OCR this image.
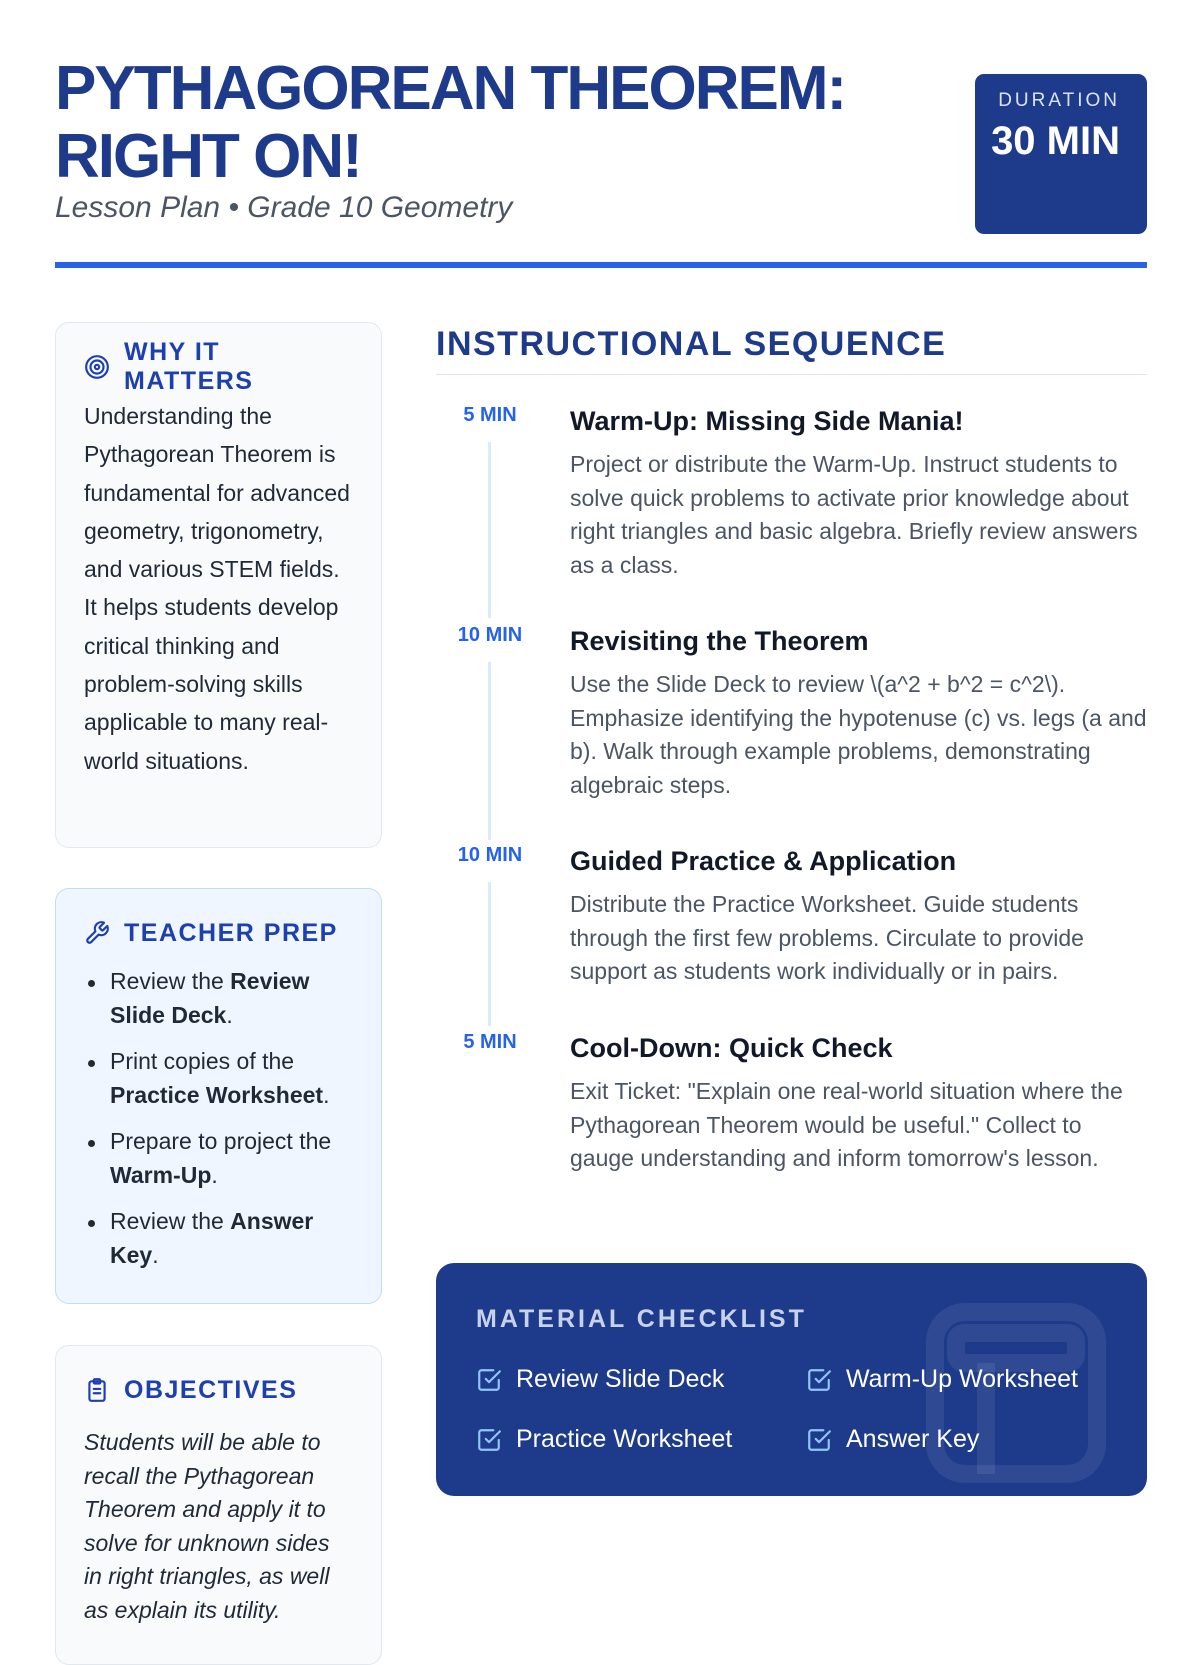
PYTHAGOREAN THEOREM: RIGHT ON!
Lesson Plan • Grade 10 Geometry
DURATION
30 MIN
WHY IT MATTERS

Understanding the Pythagorean Theorem is fundamental for advanced geometry, trigonometry, and various STEM fields. It helps students develop critical thinking and problem-solving skills applicable to many real-world situations.

TEACHER PREP
Review the Review Slide Deck.
Print copies of the Practice Worksheet.
Prepare to project the Warm-Up.
Review the Answer Key.
OBJECTIVES

Students will be able to recall the Pythagorean Theorem and apply it to solve for unknown sides in right triangles, as well as explain its utility.

INSTRUCTIONAL SEQUENCE
5 MIN	Warm-Up: Missing Side Mania!

Project or distribute the Warm-Up. Instruct students to solve quick problems to activate prior knowledge about right triangles and basic algebra. Briefly review answers as a class.

10 MIN	Revisiting the Theorem

Use the Slide Deck to review \(a^2 + b^2 = c^2\). Emphasize identifying the hypotenuse (c) vs. legs (a and b). Walk through example problems, demonstrating algebraic steps.

10 MIN	Guided Practice & Application

Distribute the Practice Worksheet. Guide students through the first few problems. Circulate to provide support as students work individually or in pairs.

5 MIN	Cool-Down: Quick Check

Exit Ticket: "Explain one real-world situation where the Pythagorean Theorem would be useful." Collect to gauge understanding and inform tomorrow's lesson.

MATERIAL CHECKLIST
Review Slide Deck	Warm-Up Worksheet
Practice Worksheet	Answer Key
